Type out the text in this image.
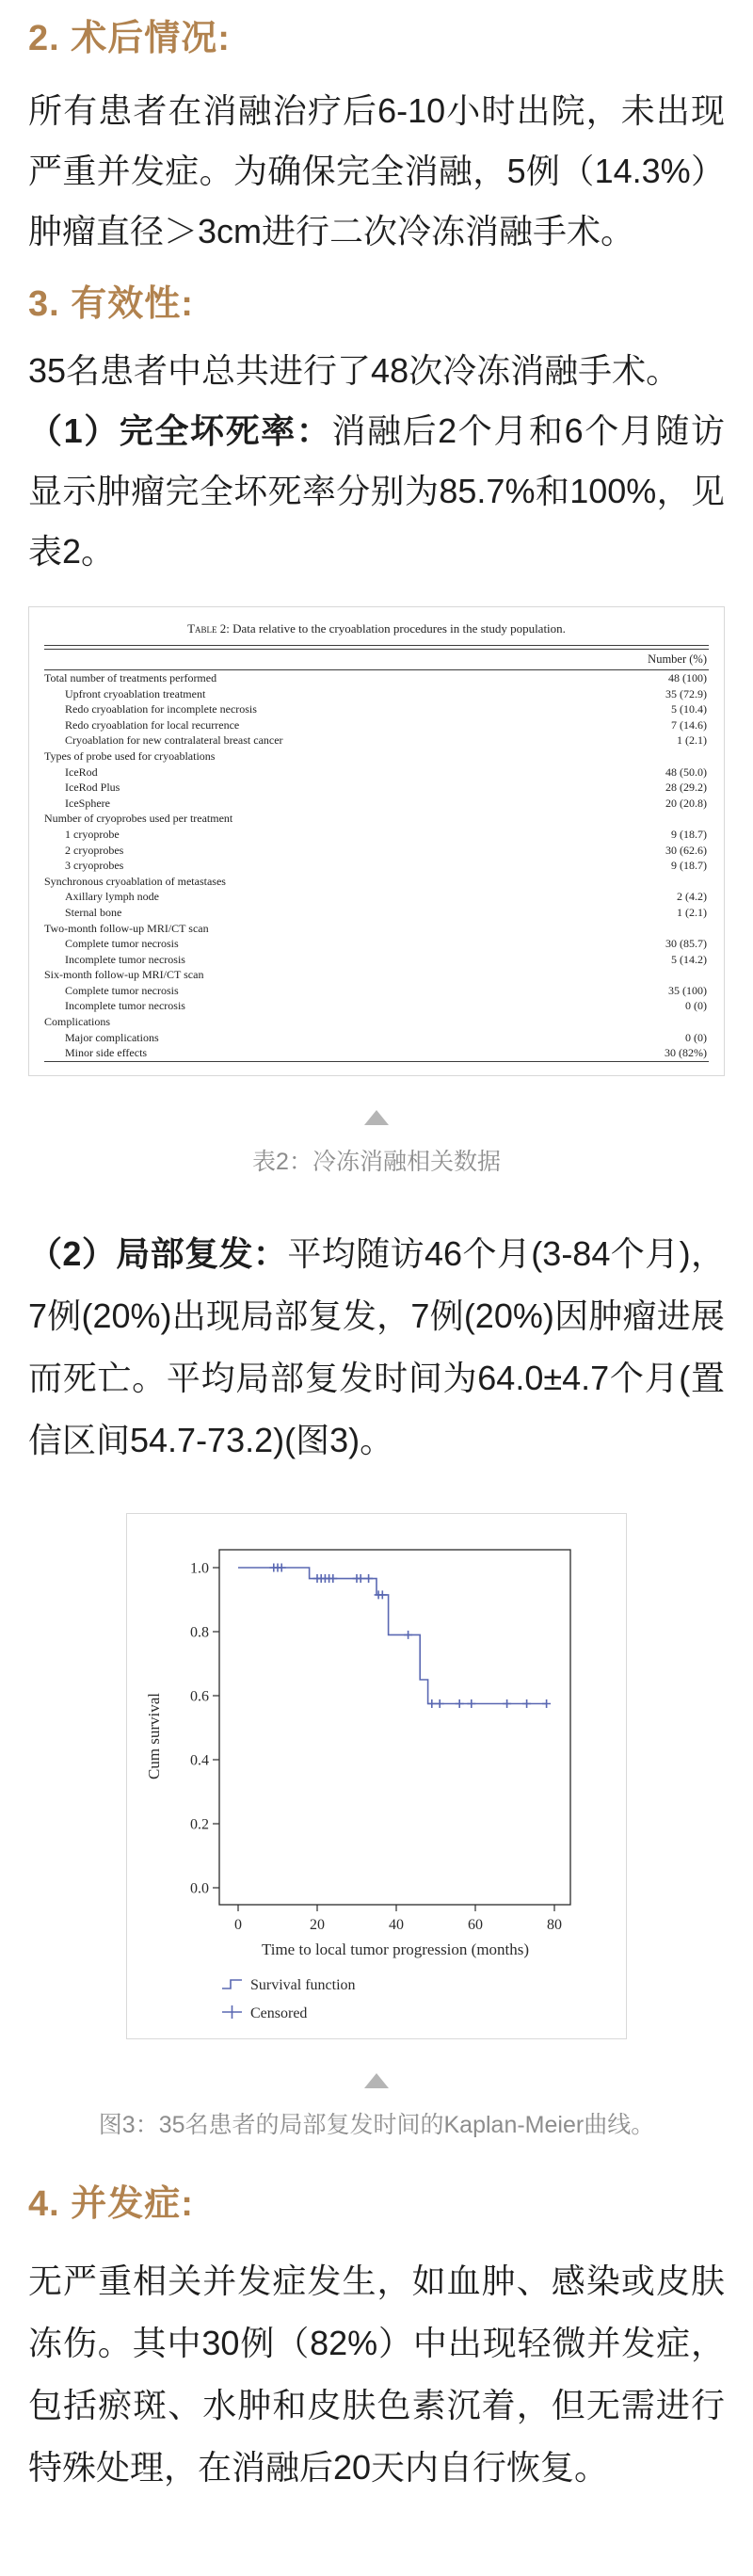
2. 术后情况:

所有患者在消融治疗后6-10小时出院，未出现严重并发症。为确保完全消融，5例（14.3%）肿瘤直径＞3cm进行二次冷冻消融手术。

3. 有效性:

35名患者中总共进行了48次冷冻消融手术。

（1）完全坏死率：消融后2个月和6个月随访显示肿瘤完全坏死率分别为85.7%和100%，见表2。

Table 2: Data relative to the cryoablation procedures in the study population.
Number (%)
Total number of treatments performed	48 (100)
Upfront cryoablation treatment	35 (72.9)
Redo cryoablation for incomplete necrosis	5 (10.4)
Redo cryoablation for local recurrence	7 (14.6)
Cryoablation for new contralateral breast cancer	1 (2.1)
Types of probe used for cryoablations
IceRod	48 (50.0)
IceRod Plus	28 (29.2)
IceSphere	20 (20.8)
Number of cryoprobes used per treatment
1 cryoprobe	9 (18.7)
2 cryoprobes	30 (62.6)
3 cryoprobes	9 (18.7)
Synchronous cryoablation of metastases
Axillary lymph node	2 (4.2)
Sternal bone	1 (2.1)
Two-month follow-up MRI/CT scan
Complete tumor necrosis	30 (85.7)
Incomplete tumor necrosis	5 (14.2)
Six-month follow-up MRI/CT scan
Complete tumor necrosis	35 (100)
Incomplete tumor necrosis	0 (0)
Complications
Major complications	0 (0)
Minor side effects	30 (82%)
表2：冷冻消融相关数据

（2）局部复发：平均随访46个月(3-84个月)，7例(20%)出现局部复发，7例(20%)因肿瘤进展而死亡。平均局部复发时间为64.0±4.7个月(置信区间54.7-73.2)(图3)。

1.0
0.8
0.6
0.4
0.2
0.0
0	20	40	60	80
Cum survival
Time to local tumor progression (months)
Survival function
Censored
图3：35名患者的局部复发时间的Kaplan-Meier曲线。
4. 并发症:

无严重相关并发症发生，如血肿、感染或皮肤冻伤。其中30例（82%）中出现轻微并发症，包括瘀斑、水肿和皮肤色素沉着，但无需进行特殊处理，在消融后20天内自行恢复。
